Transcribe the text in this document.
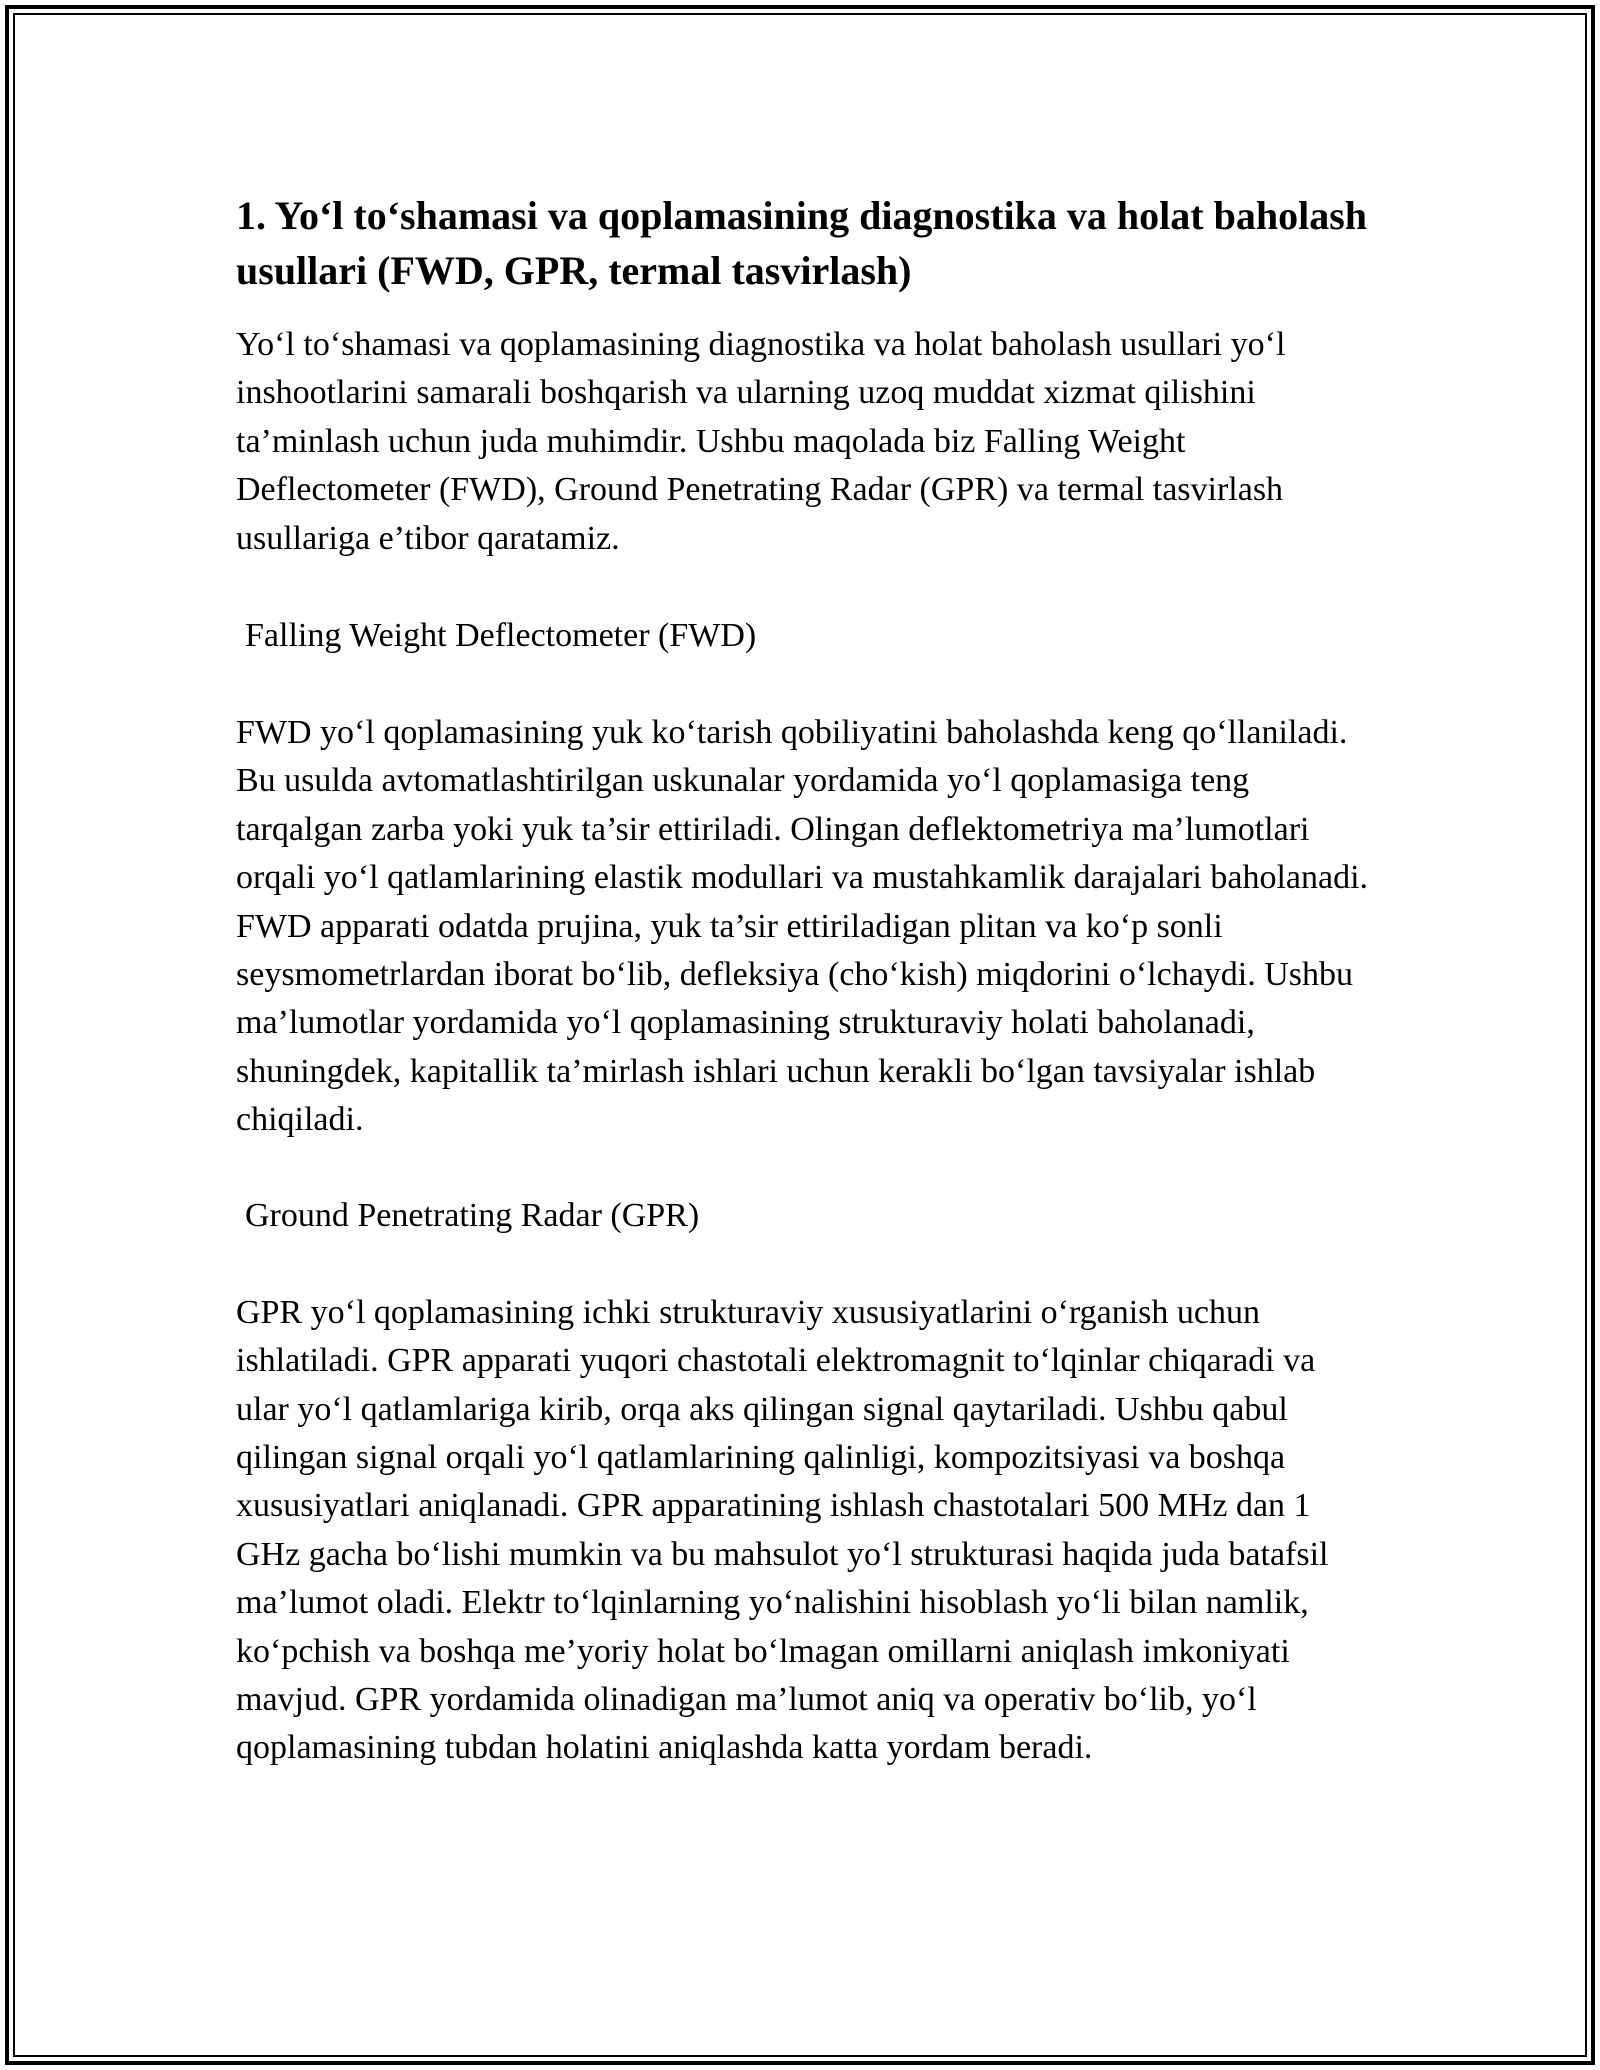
1. Yo‘l to‘shamasi va qoplamasining diagnostika va holat baholash usullari (FWD, GPR, termal tasvirlash)

Yo‘l to‘shamasi va qoplamasining diagnostika va holat baholash usullari yo‘l inshootlarini samarali boshqarish va ularning uzoq muddat xizmat qilishini ta’minlash uchun juda muhimdir. Ushbu maqolada biz Falling Weight Deflectometer (FWD), Ground Penetrating Radar (GPR) va termal tasvirlash usullariga e’tibor qaratamiz.

Falling Weight Deflectometer (FWD)

FWD yo‘l qoplamasining yuk ko‘tarish qobiliyatini baholashda keng qo‘llaniladi. Bu usulda avtomatlashtirilgan uskunalar yordamida yo‘l qoplamasiga teng tarqalgan zarba yoki yuk ta’sir ettiriladi. Olingan deflektometriya ma’lumotlari orqali yo‘l qatlamlarining elastik modullari va mustahkamlik darajalari baholanadi. FWD apparati odatda prujina, yuk ta’sir ettiriladigan plitan va ko‘p sonli seysmometrlardan iborat bo‘lib, defleksiya (cho‘kish) miqdorini o‘lchaydi. Ushbu ma’lumotlar yordamida yo‘l qoplamasining strukturaviy holati baholanadi, shuningdek, kapitallik ta’mirlash ishlari uchun kerakli bo‘lgan tavsiyalar ishlab chiqiladi.

Ground Penetrating Radar (GPR)

GPR yo‘l qoplamasining ichki strukturaviy xususiyatlarini o‘rganish uchun ishlatiladi. GPR apparati yuqori chastotali elektromagnit to‘lqinlar chiqaradi va ular yo‘l qatlamlariga kirib, orqa aks qilingan signal qaytariladi. Ushbu qabul qilingan signal orqali yo‘l qatlamlarining qalinligi, kompozitsiyasi va boshqa xususiyatlari aniqlanadi. GPR apparatining ishlash chastotalari 500 MHz dan 1 GHz gacha bo‘lishi mumkin va bu mahsulot yo‘l strukturasi haqida juda batafsil ma’lumot oladi. Elektr to‘lqinlarning yo‘nalishini hisoblash yo‘li bilan namlik, ko‘pchish va boshqa me’yoriy holat bo‘lmagan omillarni aniqlash imkoniyati mavjud. GPR yordamida olinadigan ma’lumot aniq va operativ bo‘lib, yo‘l qoplamasining tubdan holatini aniqlashda katta yordam beradi.
